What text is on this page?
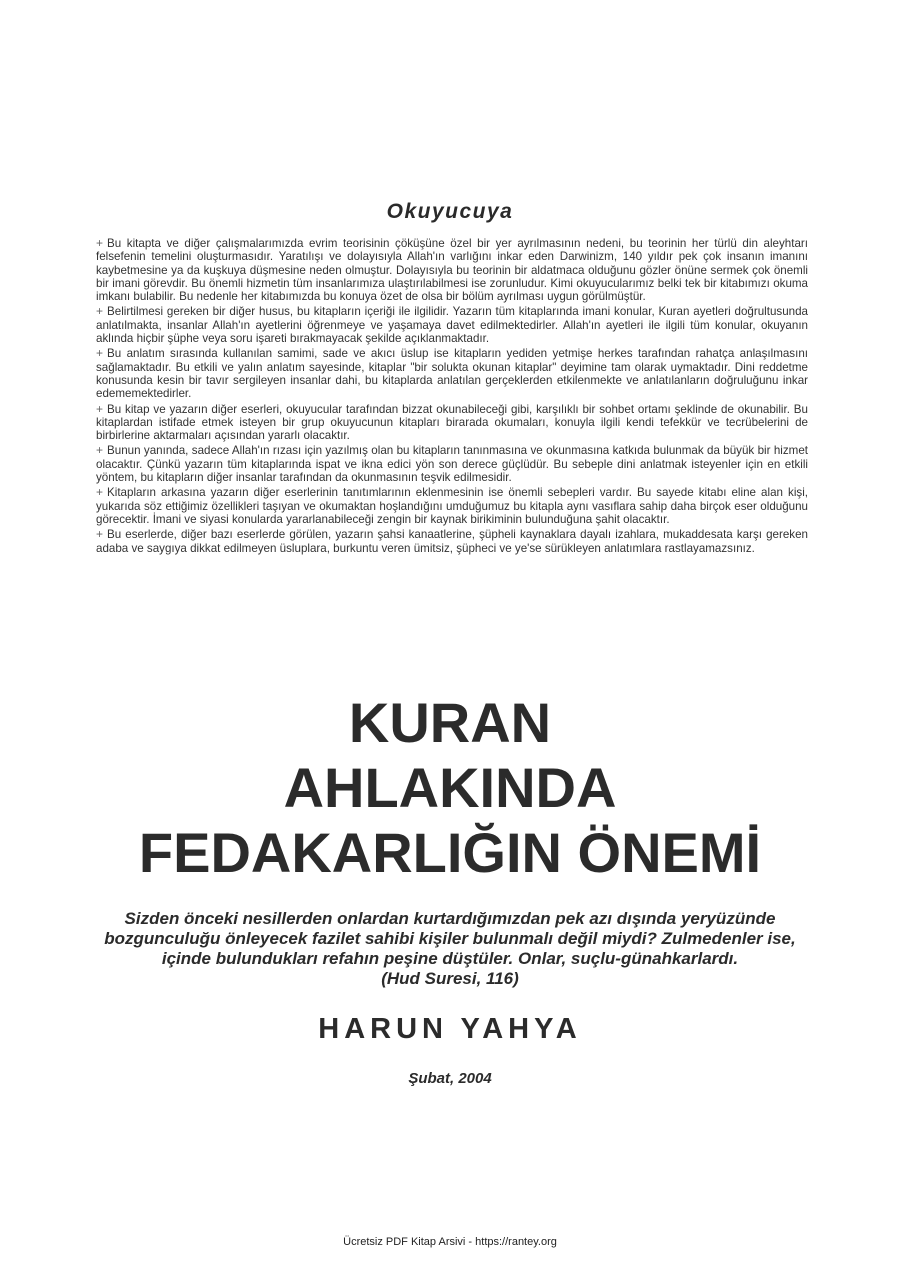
Okuyucuya

+ Bu kitapta ve diğer çalışmalarımızda evrim teorisinin çöküşüne özel bir yer ayrılmasının nedeni, bu teorinin her türlü din aleyhtarı felsefenin temelini oluşturmasıdır. Yaratılışı ve dolayısıyla Allah'ın varlığını inkar eden Darwinizm, 140 yıldır pek çok insanın imanını kaybetmesine ya da kuşkuya düşmesine neden olmuştur. Dolayısıyla bu teorinin bir aldatmaca olduğunu gözler önüne sermek çok önemli bir imani görevdir. Bu önemli hizmetin tüm insanlarımıza ulaştırılabilmesi ise zorunludur. Kimi okuyucularımız belki tek bir kitabımızı okuma imkanı bulabilir. Bu nedenle her kitabımızda bu konuya özet de olsa bir bölüm ayrılması uygun görülmüştür.

+ Belirtilmesi gereken bir diğer husus, bu kitapların içeriği ile ilgilidir. Yazarın tüm kitaplarında imani konular, Kuran ayetleri doğrultusunda anlatılmakta, insanlar Allah'ın ayetlerini öğrenmeye ve yaşamaya davet edilmektedirler. Allah'ın ayetleri ile ilgili tüm konular, okuyanın aklında hiçbir şüphe veya soru işareti bırakmayacak şekilde açıklanmaktadır.

+ Bu anlatım sırasında kullanılan samimi, sade ve akıcı üslup ise kitapların yediden yetmişe herkes tarafından rahatça anlaşılmasını sağlamaktadır. Bu etkili ve yalın anlatım sayesinde, kitaplar "bir solukta okunan kitaplar" deyimine tam olarak uymaktadır. Dini reddetme konusunda kesin bir tavır sergileyen insanlar dahi, bu kitaplarda anlatılan gerçeklerden etkilenmekte ve anlatılanların doğruluğunu inkar edememektedirler.

+ Bu kitap ve yazarın diğer eserleri, okuyucular tarafından bizzat okunabileceği gibi, karşılıklı bir sohbet ortamı şeklinde de okunabilir. Bu kitaplardan istifade etmek isteyen bir grup okuyucunun kitapları birarada okumaları, konuyla ilgili kendi tefekkür ve tecrübelerini de birbirlerine aktarmaları açısından yararlı olacaktır.

+ Bunun yanında, sadece Allah'ın rızası için yazılmış olan bu kitapların tanınmasına ve okunmasına katkıda bulunmak da büyük bir hizmet olacaktır. Çünkü yazarın tüm kitaplarında ispat ve ikna edici yön son derece güçlüdür. Bu sebeple dini anlatmak isteyenler için en etkili yöntem, bu kitapların diğer insanlar tarafından da okunmasının teşvik edilmesidir.

+ Kitapların arkasına yazarın diğer eserlerinin tanıtımlarının eklenmesinin ise önemli sebepleri vardır. Bu sayede kitabı eline alan kişi, yukarıda söz ettiğimiz özellikleri taşıyan ve okumaktan hoşlandığını umduğumuz bu kitapla aynı vasıflara sahip daha birçok eser olduğunu görecektir. İmani ve siyasi konularda yararlanabileceği zengin bir kaynak birikiminin bulunduğuna şahit olacaktır.

+ Bu eserlerde, diğer bazı eserlerde görülen, yazarın şahsi kanaatlerine, şüpheli kaynaklara dayalı izahlara, mukaddesata karşı gereken adaba ve saygıya dikkat edilmeyen üsluplara, burkuntu veren ümitsiz, şüpheci ve ye'se sürükleyen anlatımlara rastlayamazsınız.

KURAN
AHLAKINDA
FEDAKARLIĞIN ÖNEMİ
Sizden önceki nesillerden onlardan kurtardığımızdan pek azı dışında yeryüzünde
bozgunculuğu önleyecek fazilet sahibi kişiler bulunmalı değil miydi? Zulmedenler ise,
içinde bulundukları refahın peşine düştüler. Onlar, suçlu-günahkarlardı.
(Hud Suresi, 116)
HARUN YAHYA
Şubat, 2004
Ücretsiz PDF Kitap Arsivi - https://rantey.org
